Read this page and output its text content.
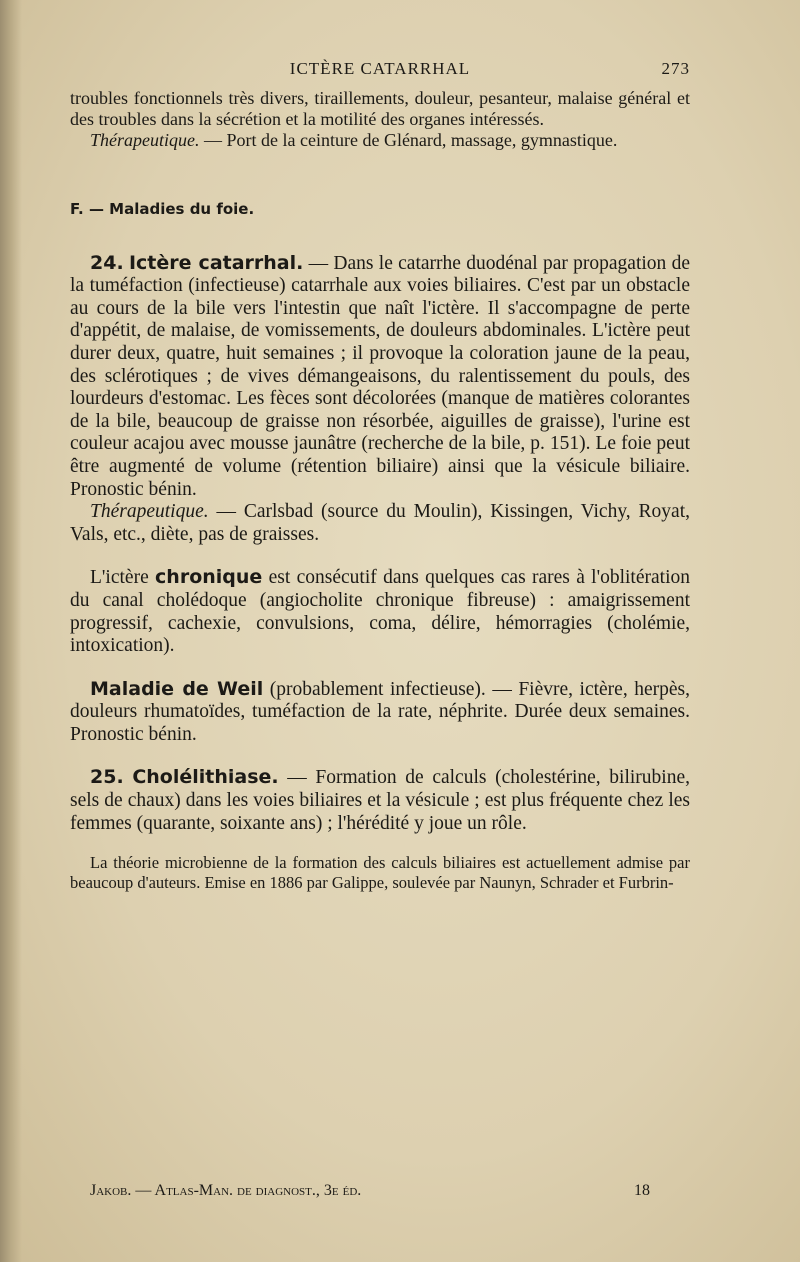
ICTÈRE CATARRHAL	273

troubles fonctionnels très divers, tiraillements, douleur, pesanteur, malaise général et des troubles dans la sécrétion et la motilité des organes intéressés.

Thérapeutique. — Port de la ceinture de Glénard, massage, gymnastique.

F. — Maladies du foie.

24. Ictère catarrhal. — Dans le catarrhe duodénal par propagation de la tuméfaction (infectieuse) catarrhale aux voies biliaires. C'est par un obstacle au cours de la bile vers l'intestin que naît l'ictère. Il s'accompagne de perte d'appétit, de malaise, de vomissements, de douleurs abdominales. L'ictère peut durer deux, quatre, huit semaines ; il provoque la coloration jaune de la peau, des sclérotiques ; de vives démangeaisons, du ralentissement du pouls, des lourdeurs d'estomac. Les fèces sont décolorées (manque de matières colorantes de la bile, beaucoup de graisse non résorbée, aiguilles de graisse), l'urine est couleur acajou avec mousse jaunâtre (recherche de la bile, p. 151). Le foie peut être augmenté de volume (rétention biliaire) ainsi que la vésicule biliaire. Pronostic bénin.

Thérapeutique. — Carlsbad (source du Moulin), Kissingen, Vichy, Royat, Vals, etc., diète, pas de graisses.

L'ictère chronique est consécutif dans quelques cas rares à l'oblitération du canal cholédoque (angiocholite chronique fibreuse) : amaigrissement progressif, cachexie, convulsions, coma, délire, hémorragies (cholémie, intoxication).

Maladie de Weil (probablement infectieuse). — Fièvre, ictère, herpès, douleurs rhumatoïdes, tuméfaction de la rate, néphrite. Durée deux semaines. Pronostic bénin.

25. Cholélithiase. — Formation de calculs (cholestérine, bilirubine, sels de chaux) dans les voies biliaires et la vésicule ; est plus fréquente chez les femmes (quarante, soixante ans) ; l'hérédité y joue un rôle.

La théorie microbienne de la formation des calculs biliaires est actuellement admise par beaucoup d'auteurs. Emise en 1886 par Galippe, soulevée par Naunyn, Schrader et Furbrin-

Jakob. — Atlas-Man. de diagnost., 3e éd.	18
